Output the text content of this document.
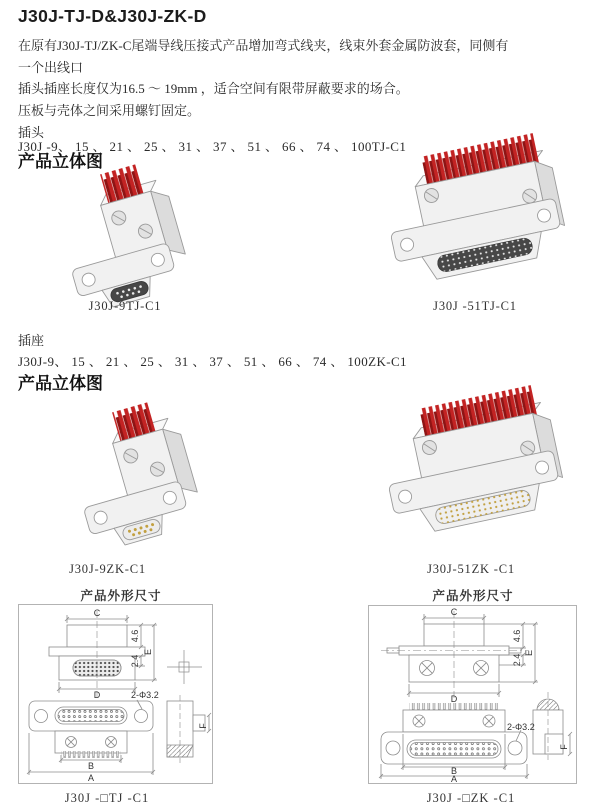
J30J-TJ-D&J30J-ZK-D
在原有J30J-TJ/ZK-C尾端导线压接式产品增加弯式线夹，线束外套金属防波套，同侧有
一个出线口
插头插座长度仅为16.5 ～ 19mm ，适合空间有限带屏蔽要求的场合。
压板与壳体之间采用螺钉固定。
插头
J30J -9、 15 、 21 、 25 、 31 、 37 、 51 、 66 、 74 、 100TJ-C1
产品立体图
J30J-9TJ-C1	J30J -51TJ-C1
插座
J30J-9、 15 、 21 、 25 、 31 、 37 、 51 、 66 、 74 、 100ZK-C1
产品立体图
J30J-9ZK-C1	J30J-51ZK -C1
产品外形尺寸	产品外形尺寸
C
D
4.6
2.4
E
2-Φ3.2
B
A
F
C
D
4.6
2.4
E
2-Φ3.2
B
A
F
J30J -□TJ -C1	J30J -□ZK -C1
